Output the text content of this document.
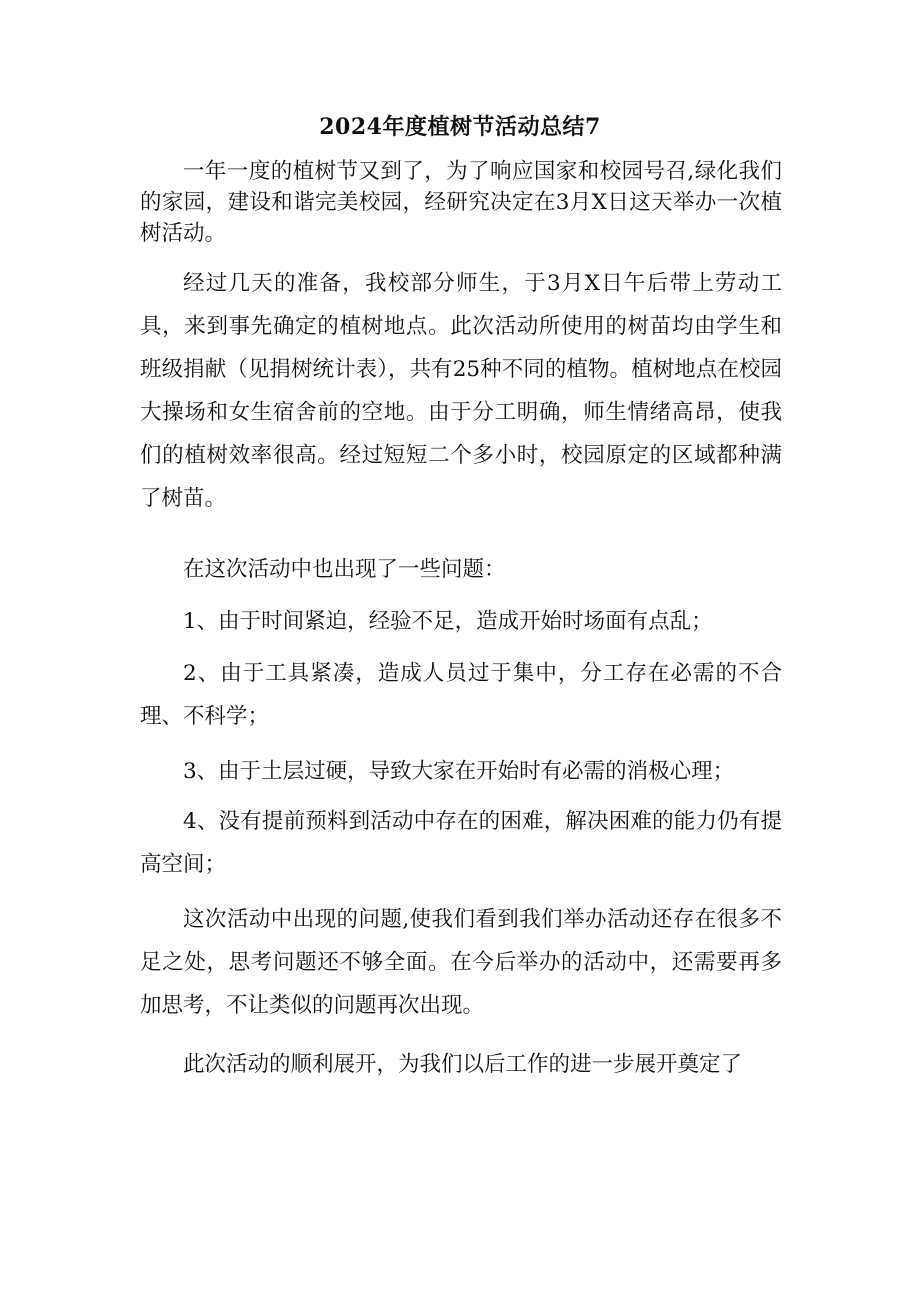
2024年度植树节活动总结7

一年一度的植树节又到了，为了响应国家和校园号召,绿化我们的家园，建设和谐完美校园，经研究决定在3月X日这天举办一次植树活动。

经过几天的准备，我校部分师生，于3月X日午后带上劳动工具，来到事先确定的植树地点。此次活动所使用的树苗均由学生和班级捐献（见捐树统计表），共有25种不同的植物。植树地点在校园大操场和女生宿舍前的空地。由于分工明确，师生情绪高昂，使我们的植树效率很高。经过短短二个多小时，校园原定的区域都种满了树苗。

在这次活动中也出现了一些问题：

1、由于时间紧迫，经验不足，造成开始时场面有点乱；

2、由于工具紧凑，造成人员过于集中，分工存在必需的不合理、不科学；

3、由于土层过硬，导致大家在开始时有必需的消极心理；

4、没有提前预料到活动中存在的困难，解决困难的能力仍有提高空间；

这次活动中出现的问题,使我们看到我们举办活动还存在很多不足之处，思考问题还不够全面。在今后举办的活动中，还需要再多加思考，不让类似的问题再次出现。

此次活动的顺利展开，为我们以后工作的进一步展开奠定了
